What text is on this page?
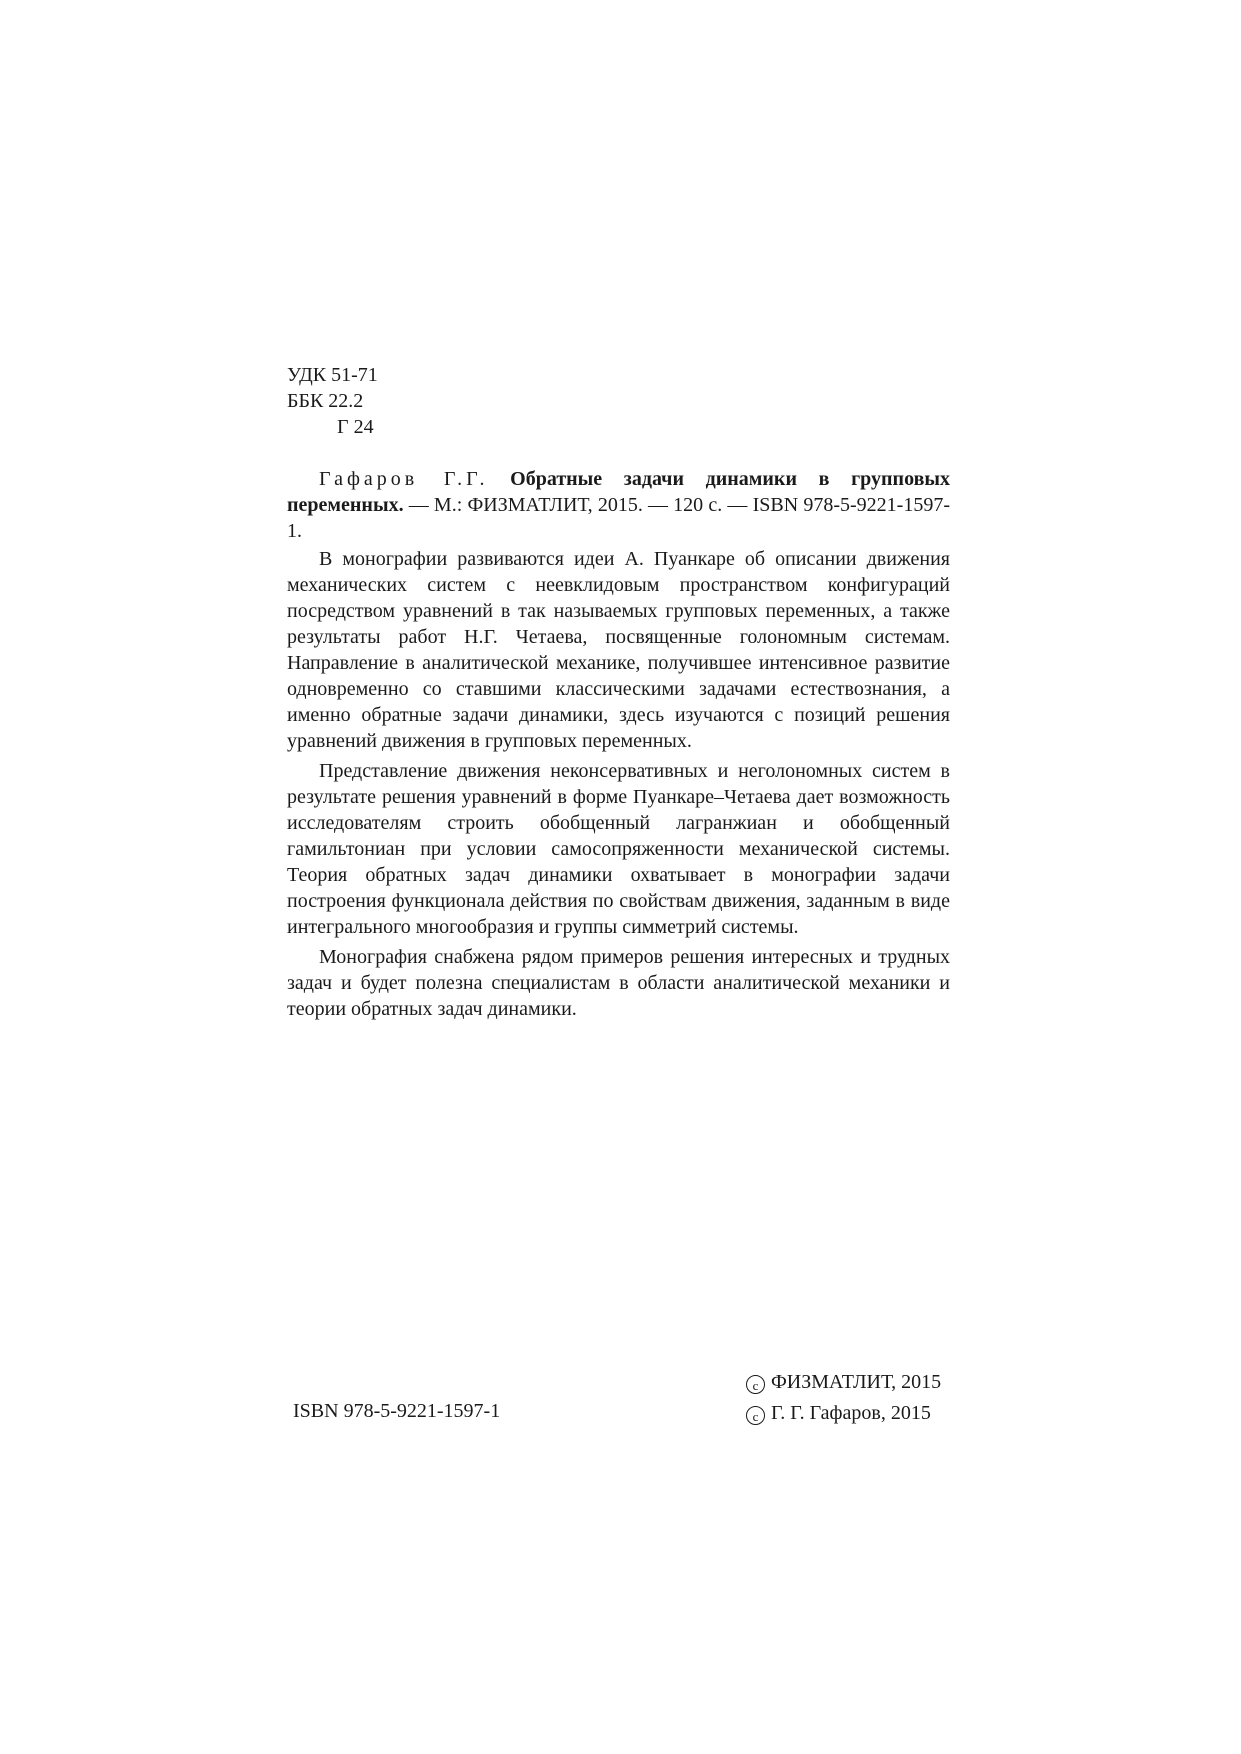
УДК 51-71
ББК 22.2
Г 24
Гафаров Г.Г. Обратные задачи динамики в групповых переменных. — М.: ФИЗМАТЛИТ, 2015. — 120 с. — ISBN 978-5-9221-1597-1.

В монографии развиваются идеи А. Пуанкаре об описании движения механических систем с неевклидовым пространством конфигураций посредством уравнений в так называемых групповых переменных, а также результаты работ Н.Г. Четаева, посвященные голономным системам. Направление в аналитической механике, получившее интенсивное развитие одновременно со ставшими классическими задачами естествознания, а именно обратные задачи динамики, здесь изучаются с позиций решения уравнений движения в групповых переменных.

Представление движения неконсервативных и неголономных систем в результате решения уравнений в форме Пуанкаре–Четаева дает возможность исследователям строить обобщенный лагранжиан и обобщенный гамильтониан при условии самосопряженности механической системы. Теория обратных задач динамики охватывает в монографии задачи построения функционала действия по свойствам движения, заданным в виде интегрального многообразия и группы симметрий системы.

Монография снабжена рядом примеров решения интересных и трудных задач и будет полезна специалистам в области аналитической механики и теории обратных задач динамики.

ISBN 978-5-9221-1597-1
c ФИЗМАТЛИТ, 2015
c Г. Г. Гафаров, 2015
